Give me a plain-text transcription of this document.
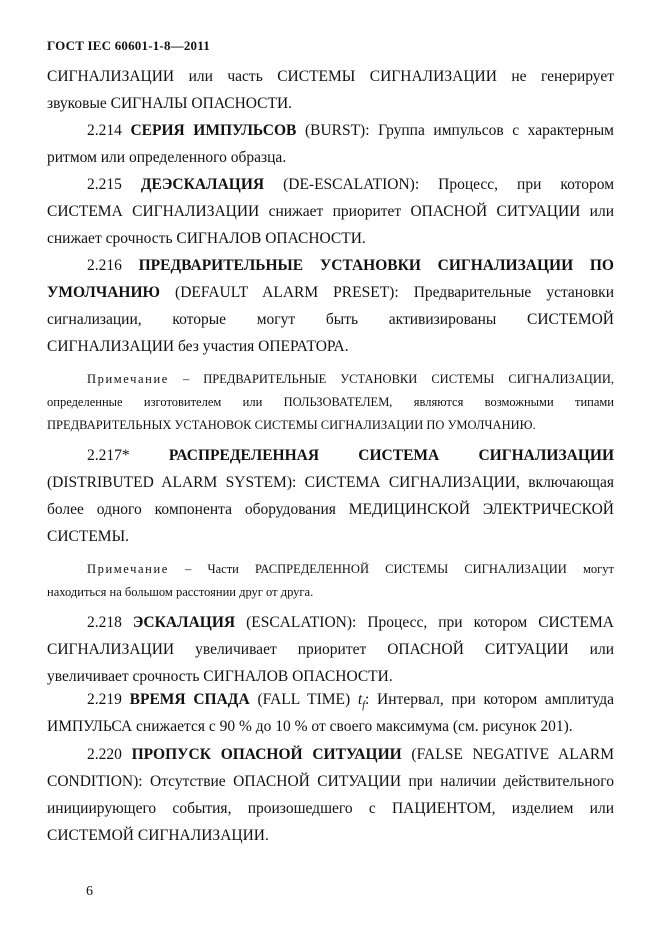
ГОСТ IEC 60601-1-8—2011
СИГНАЛИЗАЦИИ или часть СИСТЕМЫ СИГНАЛИЗАЦИИ не генерирует
звуковые СИГНАЛЫ ОПАСНОСТИ.
2.214 СЕРИЯ ИМПУЛЬСОВ (BURST): Группа импульсов с характерным
ритмом или определенного образца.
2.215 ДЕЭСКАЛАЦИЯ (DE-ESCALATION): Процесс, при котором
СИСТЕМА СИГНАЛИЗАЦИИ снижает приоритет ОПАСНОЙ СИТУАЦИИ или
снижает срочность СИГНАЛОВ ОПАСНОСТИ.
2.216 ПРЕДВАРИТЕЛЬНЫЕ УСТАНОВКИ СИГНАЛИЗАЦИИ ПО
УМОЛЧАНИЮ (DEFAULT ALARM PRESET): Предварительные установки
сигнализации, которые могут быть активизированы СИСТЕМОЙ
СИГНАЛИЗАЦИИ без участия ОПЕРАТОРА.
Примечание – ПРЕДВАРИТЕЛЬНЫЕ УСТАНОВКИ СИСТЕМЫ СИГНАЛИЗАЦИИ,
определенные изготовителем или ПОЛЬЗОВАТЕЛЕМ, являются возможными типами
ПРЕДВАРИТЕЛЬНЫХ УСТАНОВОК СИСТЕМЫ СИГНАЛИЗАЦИИ ПО УМОЛЧАНИЮ.
2.217*	РАСПРЕДЕЛЕННАЯ СИСТЕМА СИГНАЛИЗАЦИИ
(DISTRIBUTED ALARM SYSTEM): СИСТЕМА СИГНАЛИЗАЦИИ, включающая
более одного компонента оборудования МЕДИЦИНСКОЙ ЭЛЕКТРИЧЕСКОЙ
СИСТЕМЫ.
Примечание – Части РАСПРЕДЕЛЕННОЙ СИСТЕМЫ СИГНАЛИЗАЦИИ могут
находиться на большом расстоянии друг от друга.
2.218 ЭСКАЛАЦИЯ (ESCALATION): Процесс, при котором СИСТЕМА
СИГНАЛИЗАЦИИ увеличивает приоритет ОПАСНОЙ СИТУАЦИИ или
увеличивает срочность СИГНАЛОВ ОПАСНОСТИ.
2.219 ВРЕМЯ СПАДА (FALL TIME) $t_f$: Интервал, при котором амплитуда
ИМПУЛЬСА снижается с 90 % до 10 % от своего максимума (см. рисунок 201).
2.220 ПРОПУСК ОПАСНОЙ СИТУАЦИИ (FALSE NEGATIVE ALARM
CONDITION): Отсутствие ОПАСНОЙ СИТУАЦИИ при наличии действительного
инициирующего события, произошедшего с ПАЦИЕНТОМ, изделием или
СИСТЕМОЙ СИГНАЛИЗАЦИИ.
6
